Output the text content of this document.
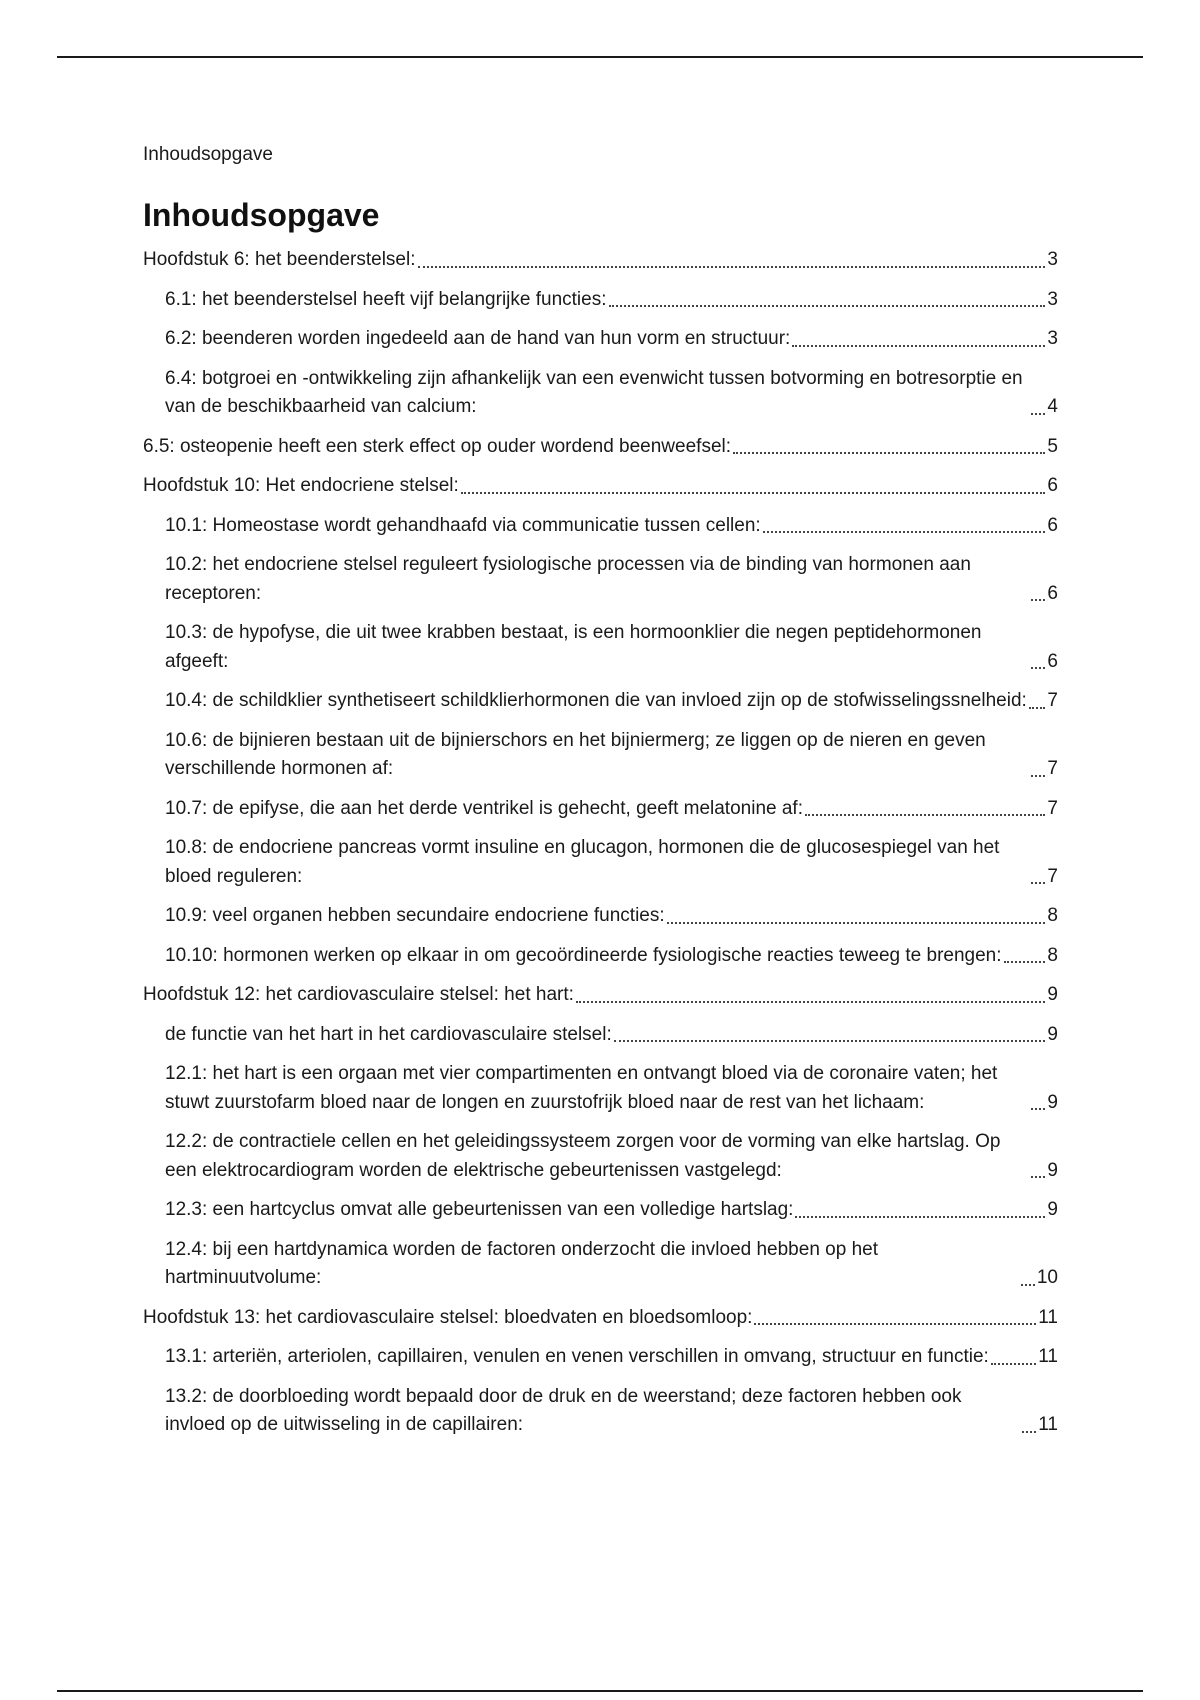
Inhoudsopgave

Inhoudsopgave
Hoofdstuk 6: het beenderstelsel:	3
6.1: het beenderstelsel heeft vijf belangrijke functies:	3
6.2: beenderen worden ingedeeld aan de hand van hun vorm en structuur:	3
6.4: botgroei en -ontwikkeling zijn afhankelijk van een evenwicht tussen botvorming en botresorptie en van de beschikbaarheid van calcium:	4
6.5: osteopenie heeft een sterk effect op ouder wordend beenweefsel:	5
Hoofdstuk 10: Het endocriene stelsel:	6
10.1: Homeostase wordt gehandhaafd via communicatie tussen cellen:	6
10.2: het endocriene stelsel reguleert fysiologische processen via de binding van hormonen aan receptoren:	6
10.3: de hypofyse, die uit twee krabben bestaat, is een hormoonklier die negen peptidehormonen afgeeft:	6
10.4: de schildklier synthetiseert schildklierhormonen die van invloed zijn op de stofwisselingssnelheid: 7
10.6: de bijnieren bestaan uit de bijnierschors en het bijniermerg; ze liggen op de nieren en geven verschillende hormonen af:	7
10.7: de epifyse, die aan het derde ventrikel is gehecht, geeft melatonine af:	7
10.8: de endocriene pancreas vormt insuline en glucagon, hormonen die de glucosespiegel van het bloed reguleren:	7
10.9: veel organen hebben secundaire endocriene functies:	8
10.10: hormonen werken op elkaar in om gecoördineerde fysiologische reacties teweeg te brengen: 8
Hoofdstuk 12: het cardiovasculaire stelsel: het hart:	9
de functie van het hart in het cardiovasculaire stelsel:	9
12.1: het hart is een orgaan met vier compartimenten en ontvangt bloed via de coronaire vaten; het stuwt zuurstofarm bloed naar de longen en zuurstofrijk bloed naar de rest van het lichaam:	9
12.2: de contractiele cellen en het geleidingssysteem zorgen voor de vorming van elke hartslag. Op een elektrocardiogram worden de elektrische gebeurtenissen vastgelegd:	9
12.3: een hartcyclus omvat alle gebeurtenissen van een volledige hartslag:	9
12.4: bij een hartdynamica worden de factoren onderzocht die invloed hebben op het hartminuutvolume:	10
Hoofdstuk 13: het cardiovasculaire stelsel: bloedvaten en bloedsomloop:	11
13.1: arteriën, arteriolen, capillairen, venulen en venen verschillen in omvang, structuur en functie:	11
13.2: de doorbloeding wordt bepaald door de druk en de weerstand; deze factoren hebben ook invloed op de uitwisseling in de capillairen:	11
